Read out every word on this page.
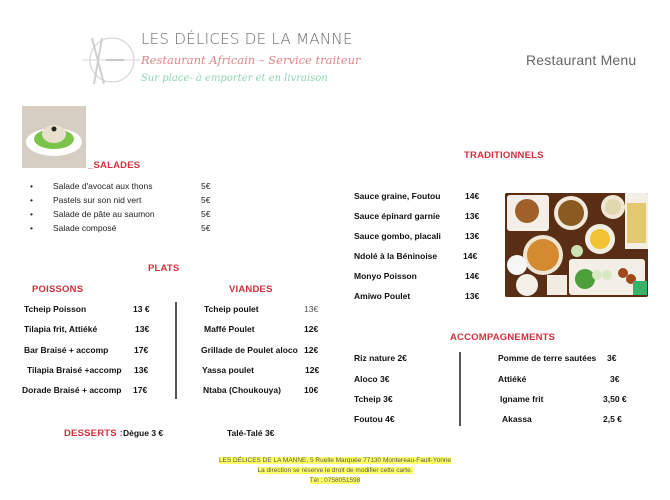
LES DÉLICES DE LA MANNE
Restaurant Africain – Service traiteur
Sur place- à emporter et en livraison
Restaurant Menu
_SALADES
• Salade d'avocat aux thons	5€
• Pastels sur son nid vert	5€
• Salade de pâte au saumon	5€
• Salade composé	5€
PLATS
POISSONS	VIANDES
Tcheip Poisson	13 €
Tilapia frit, Attiéké	13€
Bar Braisé + accomp	17€
Tilapia Braisé +accomp 13€
Dorade Braisé + accomp 17€
Tcheip poulet	13€
Maffé Poulet	12€
Grillade de Poulet aloco 12€
Yassa poulet	12€
Ntaba (Choukouya)	10€
TRADITIONNELS
Sauce graine, Foutou	14€
Sauce épinard garnie	13€
Sauce gombo, placali	13€
Ndolé à la Béninoise	14€
Monyo Poisson	14€
Amiwo Poulet	13€
ACCOMPAGNEMENTS
Riz nature 2€
Aloco 3€
Tcheip 3€
Foutou 4€
Pomme de terre sautées 3€
Attiéké	3€
Igname frit	3,50 €
Akassa	2,5 €
DESSERTS : Dègue 3 €	Talé-Talé 3€
LES DÉLICES DE LA MANNE, 5 Ruelle Marquée 77130 Montereau-Fault-Yonne
La direction se réserve le droit de modifier cette carte.
Tél : 0758051598
